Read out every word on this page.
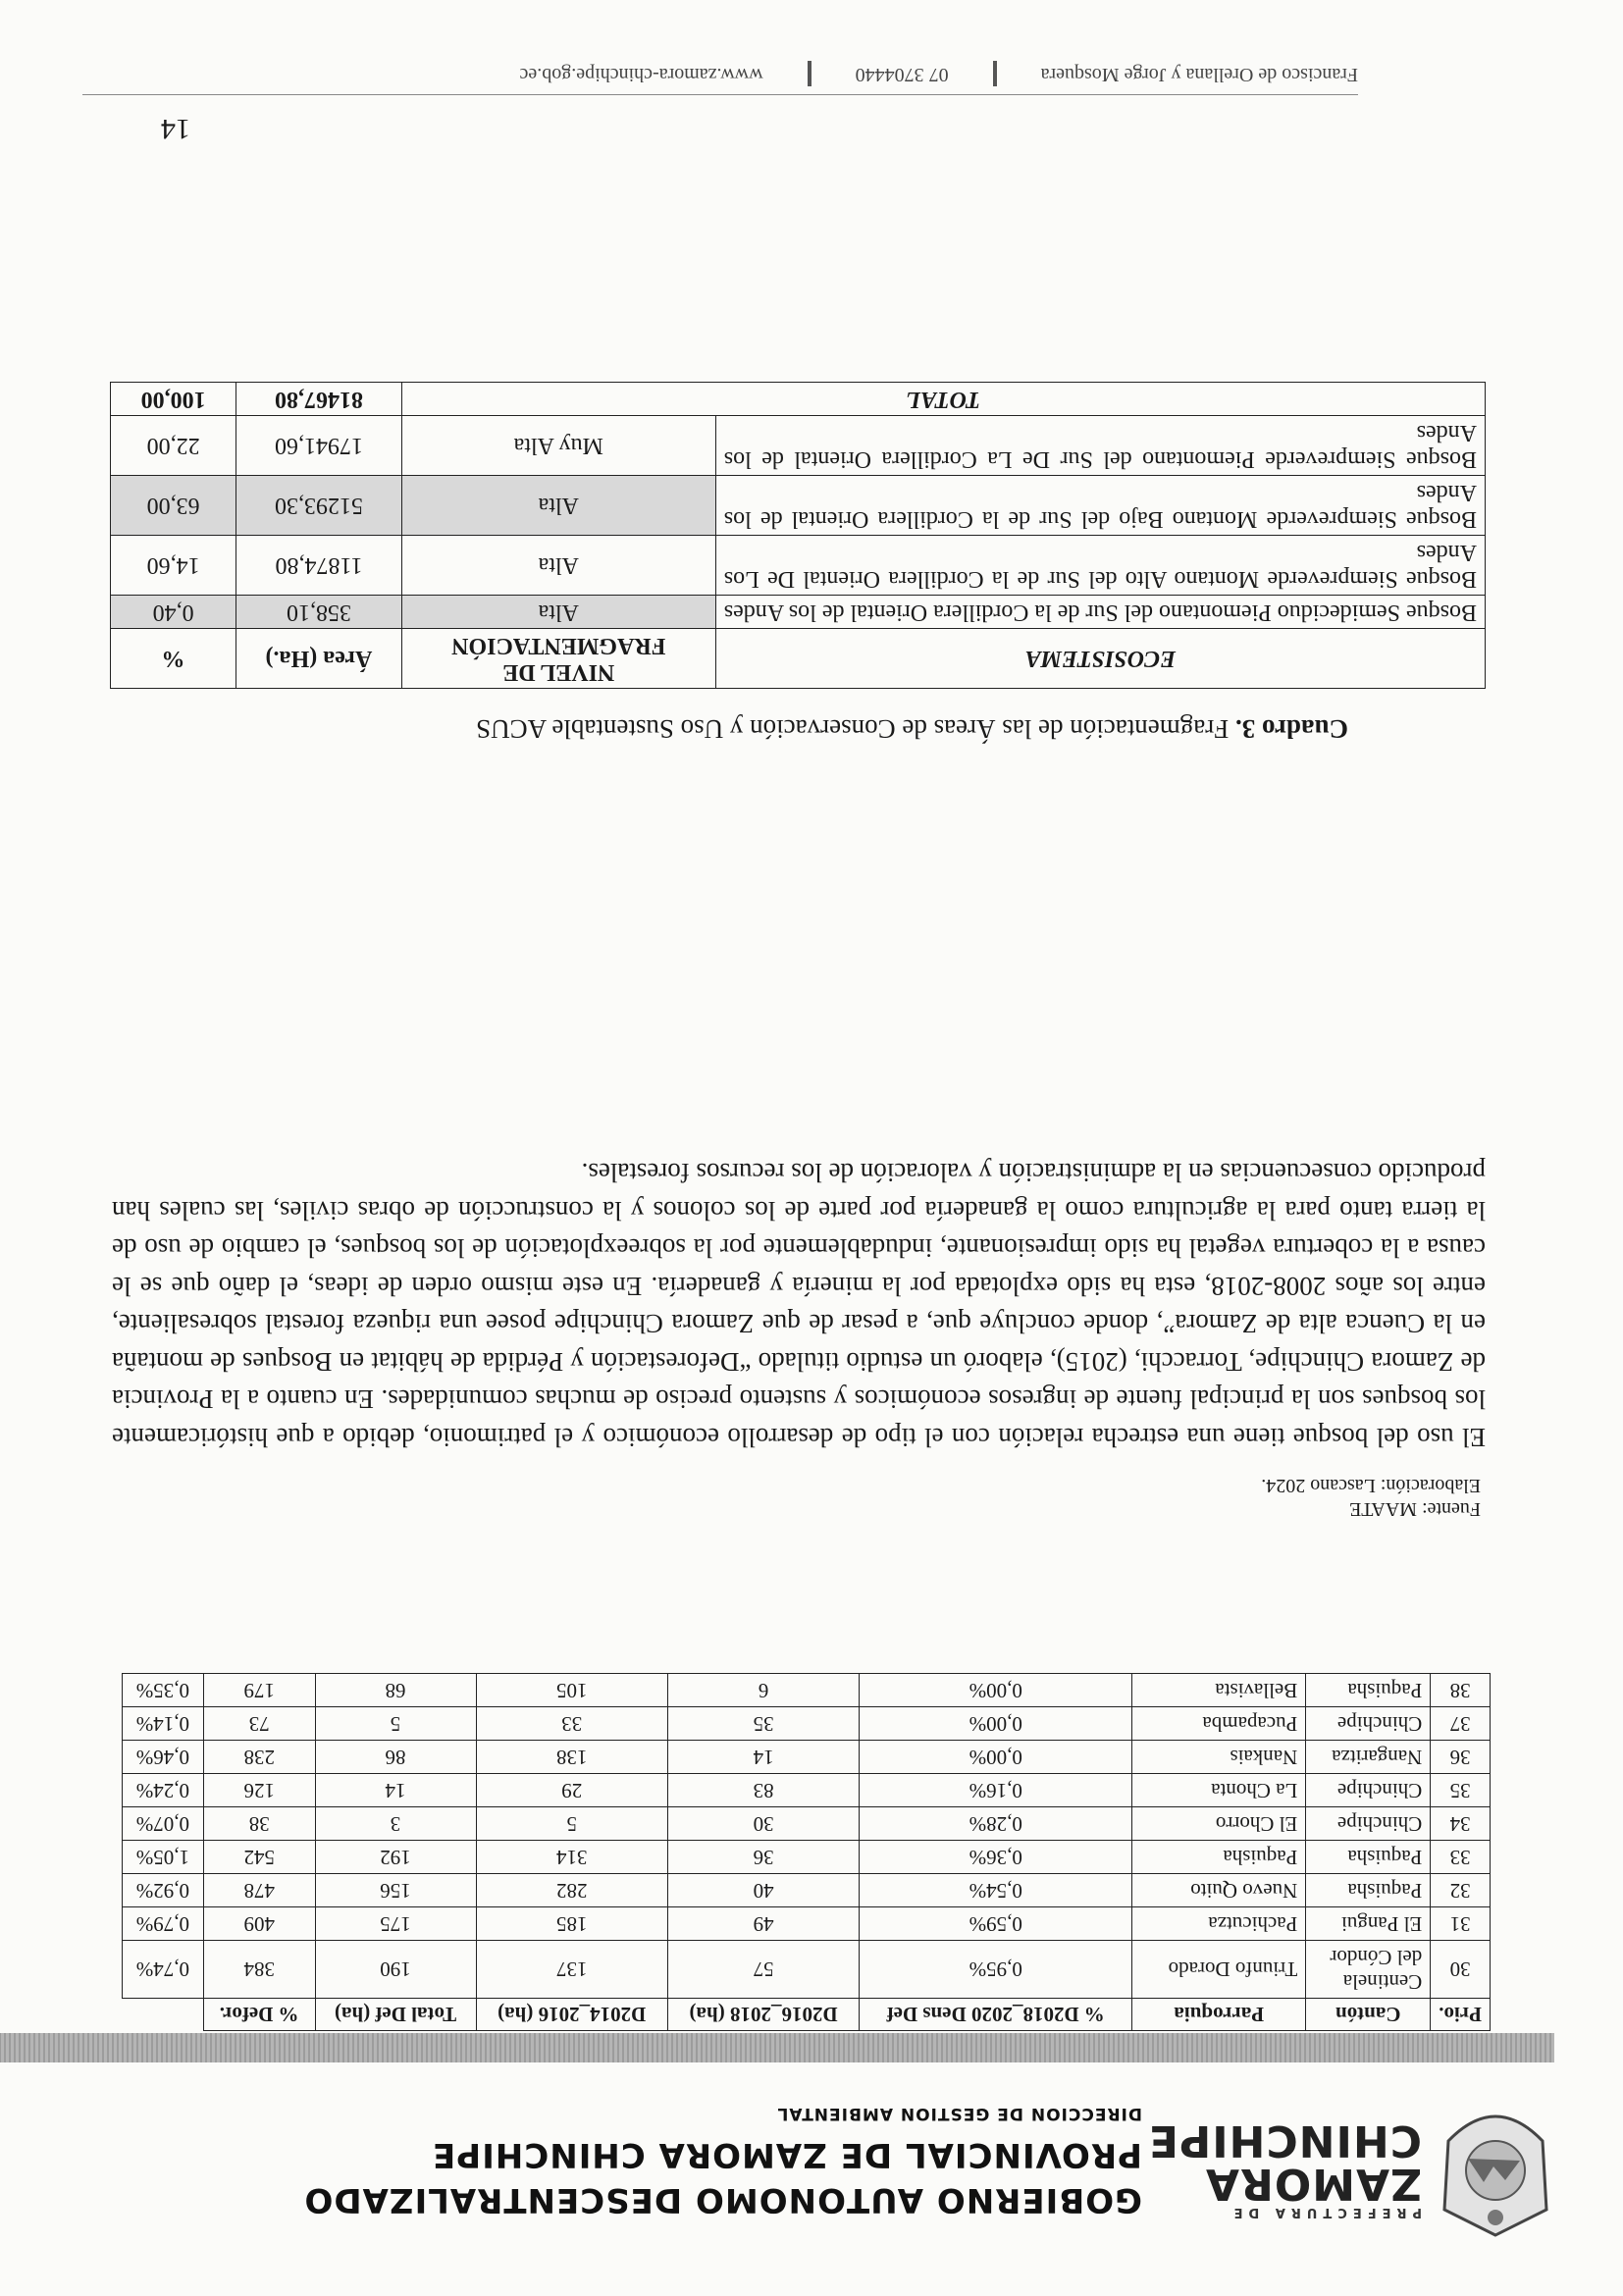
PREFECTURA DE
ZAMORA
CHINCHIPE
GOBIERNO AUTONOMO DESCENTRALIZADO
PROVINCIAL DE ZAMORA CHINCHIPE
DIRECCION DE GESTION AMBIENTAL
Prio.	Cantón	Parroquia	% D2018_2020 Dens Def	D2016_2018 (ha)	D2014_2016 (ha)	Total Def (ha)	% Defor.	
30	Centinela del Cóndor	Triunfo Dorado	0,95%	57	137	190	384	0,74%
31	El Pangui	Pachicutza	0,59%	49	185	175	409	0,79%
32	Paquisha	Nuevo Quito	0,54%	40	282	156	478	0,92%
33	Paquisha	Paquisha	0,36%	36	314	192	542	1,05%
34	Chinchipe	El Chorro	0,28%	30	5	3	38	0,07%
35	Chinchipe	La Chonta	0,16%	83	29	14	126	0,24%
36	Nangaritza	Nankais	0,00%	14	138	86	238	0,46%
37	Chinchipe	Pucapamba	0,00%	35	33	5	73	0,14%
38	Paquisha	Bellavista	0,00%	6	105	68	179	0,35%
Fuente: MAATE
Elaboración: Lascano 2024.
El uso del bosque tiene una estrecha relación con el tipo de desarrollo económico y el patrimonio, debido a que históricamente los bosques son la principal fuente de ingresos económicos y sustento preciso de muchas comunidades. En cuanto a la Provincia de Zamora Chinchipe, Torracchi, (2015), elaboró un estudio titulado “Deforestación y Pérdida de hábitat en Bosques de montaña en la Cuenca alta de Zamora”, donde concluye que, a pesar de que Zamora Chinchipe posee una riqueza forestal sobresaliente, entre los años 2008-2018, esta ha sido explotada por la minería y ganadería. En este mismo orden de ideas, el daño que se le causa a la cobertura vegetal ha sido impresionante, indudablemente por la sobreexplotación de los bosques, el cambio de uso de la tierra tanto para la agricultura como la ganadería por parte de los colonos y la construcción de obras civiles, las cuales han producido consecuencias en la administración y valoración de los recursos forestales.
Cuadro 3. Fragmentación de las Áreas de Conservación y Uso Sustentable ACUS
ECOSISTEMA	NIVEL DE FRAGMENTACIÓN	Área (Ha.)	%
Bosque Semideciduo Piemontano del Sur de la Cordillera Oriental de los Andes	Alta	358,10	0,40
Bosque Siempreverde Montano Alto del Sur de la Cordillera Oriental De Los Andes	Alta	11874,80	14,60
Bosque Siempreverde Montano Bajo del Sur de la Cordillera Oriental de los Andes	Alta	51293,30	63,00
Bosque Siempreverde Piemontano del Sur De La Cordillera Oriental de los Andes	Muy Alta	17941,60	22,00
TOTAL		81467,80	100,00
14
Francisco de Orellana y Jorge Mosquera  07 3704440  www.zamora-chinchipe.gob.ec
